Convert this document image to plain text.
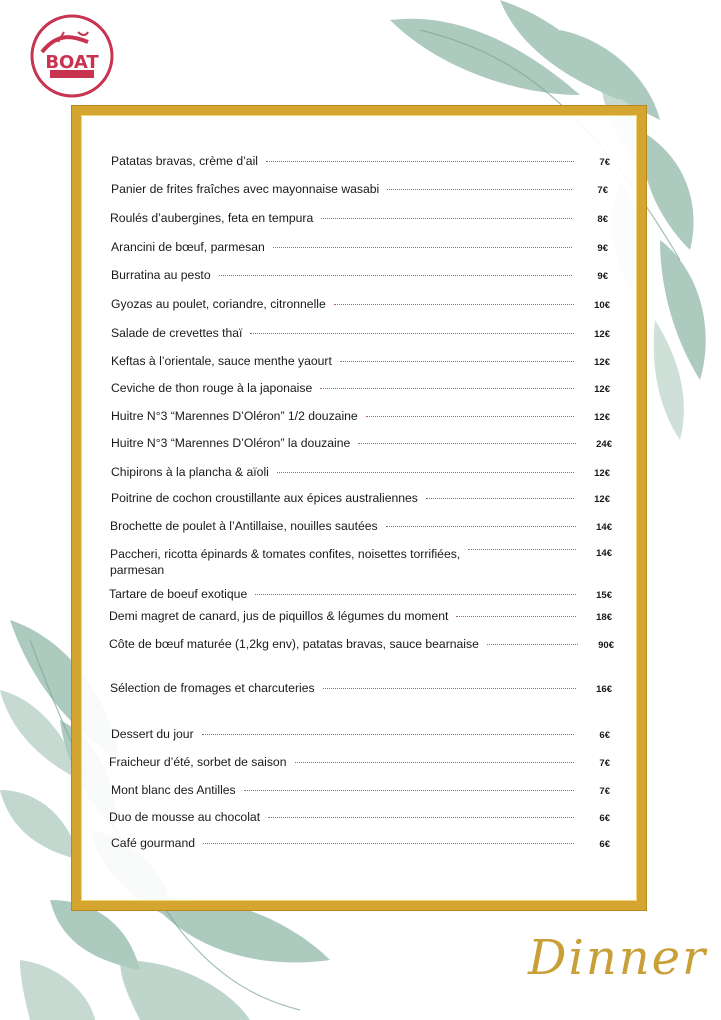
BOAT
Patatas bravas, crème d’ail	7€
Panier de frites fraîches avec mayonnaise wasabi	7€
Roulés d’aubergines, feta en tempura	8€
Arancini de bœuf, parmesan	9€
Burratina au pesto	9€
Gyozas au poulet, coriandre, citronnelle	10€
Salade de crevettes thaï	12€
Keftas à l’orientale, sauce menthe yaourt	12€
Ceviche de thon rouge à la japonaise	12€
Huitre N°3 “Marennes D’Oléron” 1/2 douzaine	12€
Huitre N°3 “Marennes D’Oléron” la douzaine	24€
Chipirons à la plancha & aïoli	12€
Poitrine de cochon croustillante aux épices australiennes	12€
Brochette de poulet à l’Antillaise, nouilles sautées	14€
Paccheri, ricotta épinards & tomates confites, noisettes torrifiées,
parmesan
14€
Tartare de boeuf exotique	15€
Demi magret de canard, jus de piquillos & légumes du moment	18€
Côte de bœuf maturée (1,2kg env), patatas bravas, sauce bearnaise	90€
Sélection de fromages et charcuteries	16€
Dessert du jour	6€
Fraicheur d’été, sorbet de saison	7€
Mont blanc des Antilles	7€
Duo de mousse au chocolat	6€
Café gourmand	6€
Dinner
